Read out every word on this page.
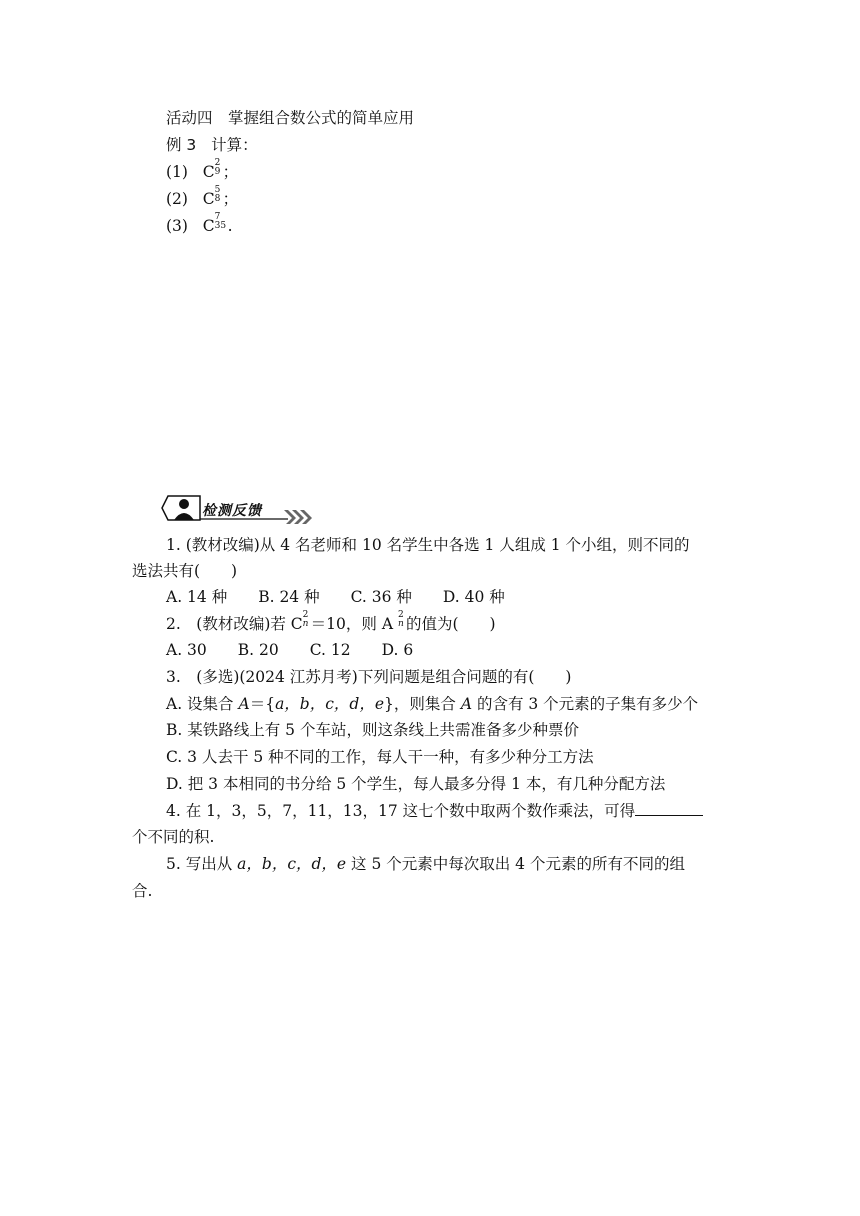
活动四　掌握组合数公式的简单应用
例 3 计算：
(1) C 2
9 ；
(2) C 5
8 ；
(3) C 7
35 .
检测反馈
1. (教材改编)从 4 名老师和 10 名学生中各选 1 人组成 1 个小组，则不同的
选法共有(　　)
A. 14 种　　B. 24 种　　C. 36 种　　D. 40 种
2.　(教材改编)若 C 2
n ＝10，则 A 2
n 的值为(　　)
A. 30　　B. 20　　C. 12　　D. 6
3.　(多选)(2024 江苏月考)下列问题是组合问题的有(　　)
A. 设集合 A＝{a，b，c，d，e}，则集合 A 的含有 3 个元素的子集有多少个
B. 某铁路线上有 5 个车站，则这条线上共需准备多少种票价
C. 3 人去干 5 种不同的工作，每人干一种，有多少种分工方法
D. 把 3 本相同的书分给 5 个学生，每人最多分得 1 本，有几种分配方法
4. 在 1，3，5，7，11，13，17 这七个数中取两个数作乘法，可得
个不同的积.
5. 写出从 a，b，c，d，e 这 5 个元素中每次取出 4 个元素的所有不同的组
合.
